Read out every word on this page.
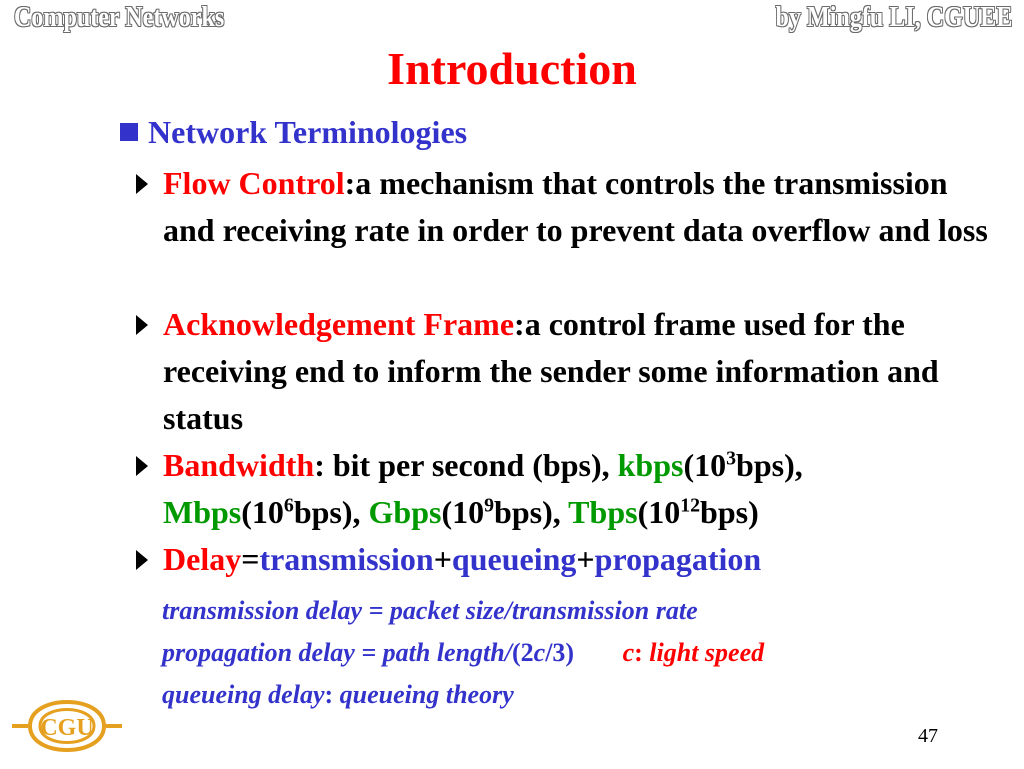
Computer Networks	by Mingfu LI, CGUEE
Introduction
Network Terminologies
Flow Control:a mechanism that controls the transmission and receiving rate in order to prevent data overflow and loss
Acknowledgement Frame:a control frame used for the receiving end to inform the sender some information and status
Bandwidth: bit per second (bps), $kbps(10^3bps)$, $Mbps(10^6bps)$, $Gbps(10^9bps)$, $Tbps(10^{12}bps)$
Delay=transmission+queueing+propagation
transmission delay = packet size/transmission rate
propagation delay = path length/(2c/3) c: light speed
queueing delay: queueing theory
47
CGU
